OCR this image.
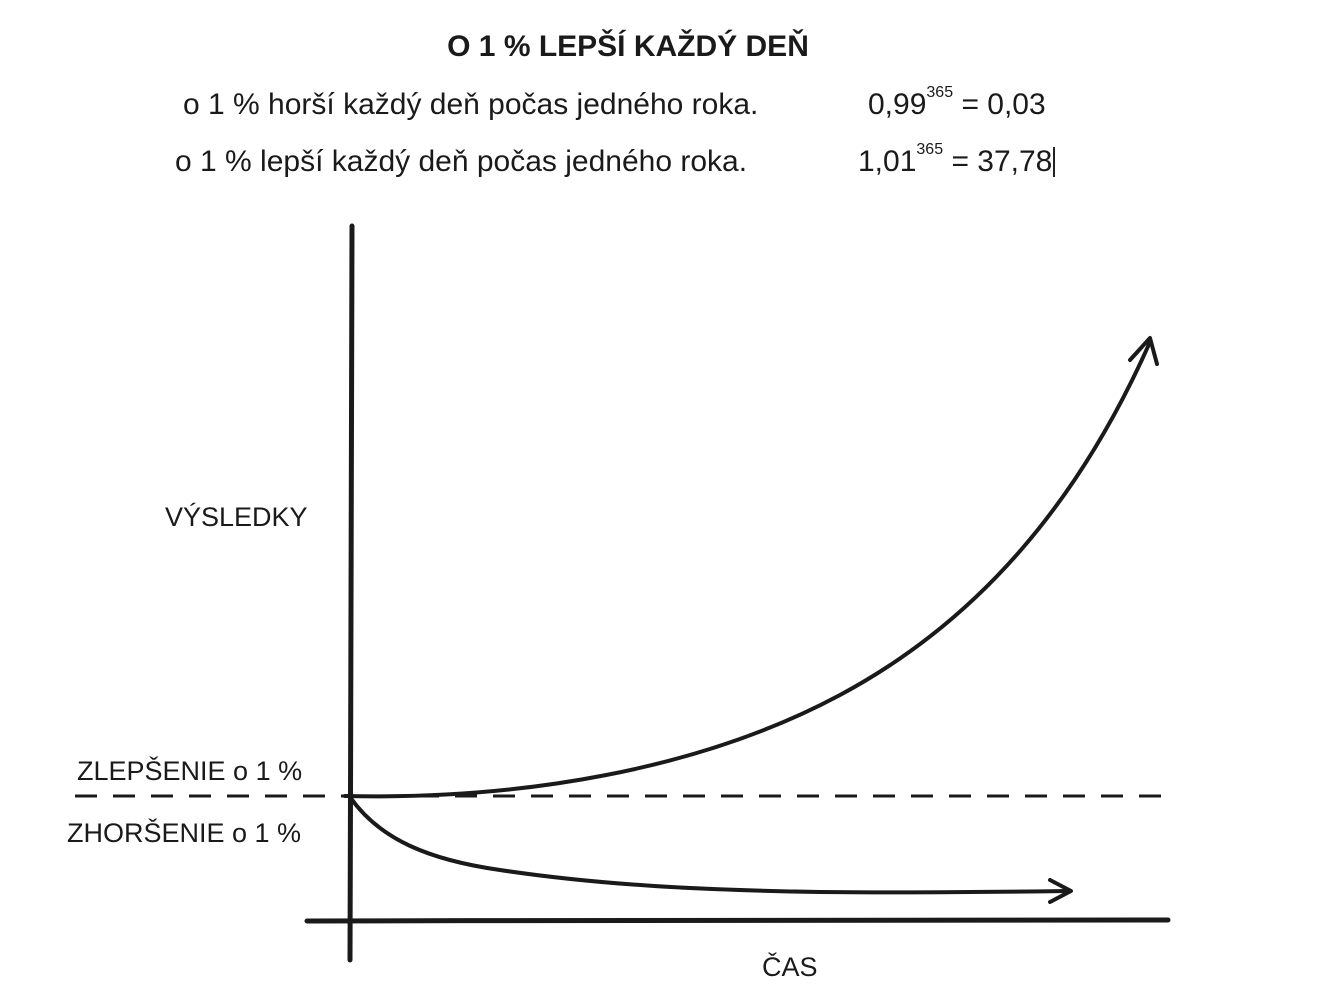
O 1 % LEPŠÍ KAŽDÝ DEŇ
o 1 % horší každý deň počas jedného roka.	$0,99^{365} = 0,03$
o 1 % lepší každý deň počas jedného roka.	$1,01^{365} = 37,78$
VÝSLEDKY
ČAS
ZLEPŠENIE o 1 %
ZHORŠENIE o 1 %
